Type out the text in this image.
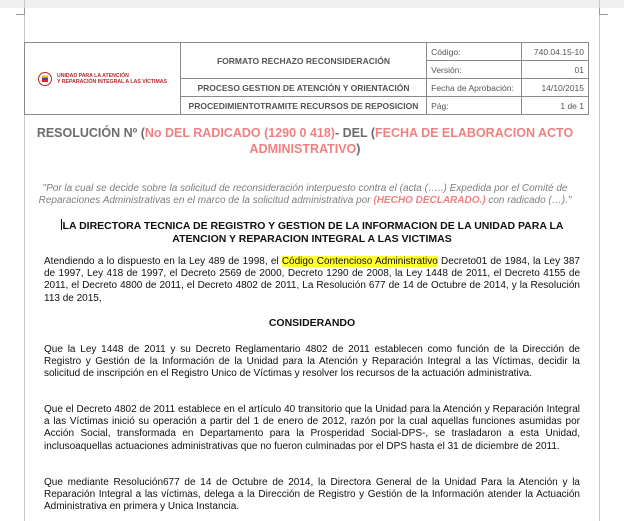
UNIDAD PARA LA ATENCIÓN
Y REPARACIÓN INTEGRAL A LAS VÍCTIMAS	FORMATO RECHAZO RECONSIDERACIÓN	Código:	740.04.15-10
		Versión:	01
	PROCESO GESTION DE ATENCIÓN Y ORIENTACIÓN	Fecha de Aprobación:	14/10/2015
	PROCEDIMIENTOTRAMITE RECURSOS DE REPOSICION	Pág:	1 de 1
RESOLUCIÓN Nº (No DEL RADICADO (1290 0 418)- DEL (FECHA DE ELABORACION ACTO ADMINISTRATIVO)
"Por la cual se decide sobre la solicitud de reconsideración interpuesto contra el (acta (…..) Expedida por el Comité de Reparaciones Administrativas en el marco de la solicitud administrativa por (HECHO DECLARADO.) con radicado (…)."
LA DIRECTORA TECNICA DE REGISTRO Y GESTION DE LA INFORMACION DE LA UNIDAD PARA LA ATENCION Y REPARACION INTEGRAL A LAS VICTIMAS

Atendiendo a lo dispuesto en la Ley 489 de 1998, el Código Contencioso Administrativo Decreto01 de 1984, la Ley 387 de 1997, Ley 418 de 1997, el Decreto 2569 de 2000, Decreto 1290 de 2008, la Ley 1448 de 2011, el Decreto 4155 de 2011, el Decreto 4800 de 2011, el Decreto 4802 de 2011, La Resolución 677 de 14 de Octubre de 2014, y la Resolución 113 de 2015,

CONSIDERANDO

Que la Ley 1448 de 2011 y su Decreto Reglamentario 4802 de 2011 establecen como función de la Dirección de Registro y Gestión de la Información de la Unidad para la Atención y Reparación Integral a las Víctimas, decidir la solicitud de inscripción en el Registro Unico de Víctimas y resolver los recursos de la actuación administrativa.

Que el Decreto 4802 de 2011 establece en el artículo 40 transitorio que la Unidad para la Atención y Reparación Integral a las Víctimas inició su operación a partir del 1 de enero de 2012, razón por la cual aquellas funciones asumidas por Acción Social, transformada en Departamento para la Prosperidad Social-DPS-, se trasladaron a esta Unidad, inclusoaquellas actuaciones administrativas que no fueron culminadas por el DPS hasta el 31 de diciembre de 2011.

Que mediante Resolución677 de 14 de Octubre de 2014, la Directora General de la Unidad Para la Atención y la Reparación Integral a las víctimas, delega a la Dirección de Registro y Gestión de la Información atender la Actuación Administrativa en primera y Unica Instancia.
